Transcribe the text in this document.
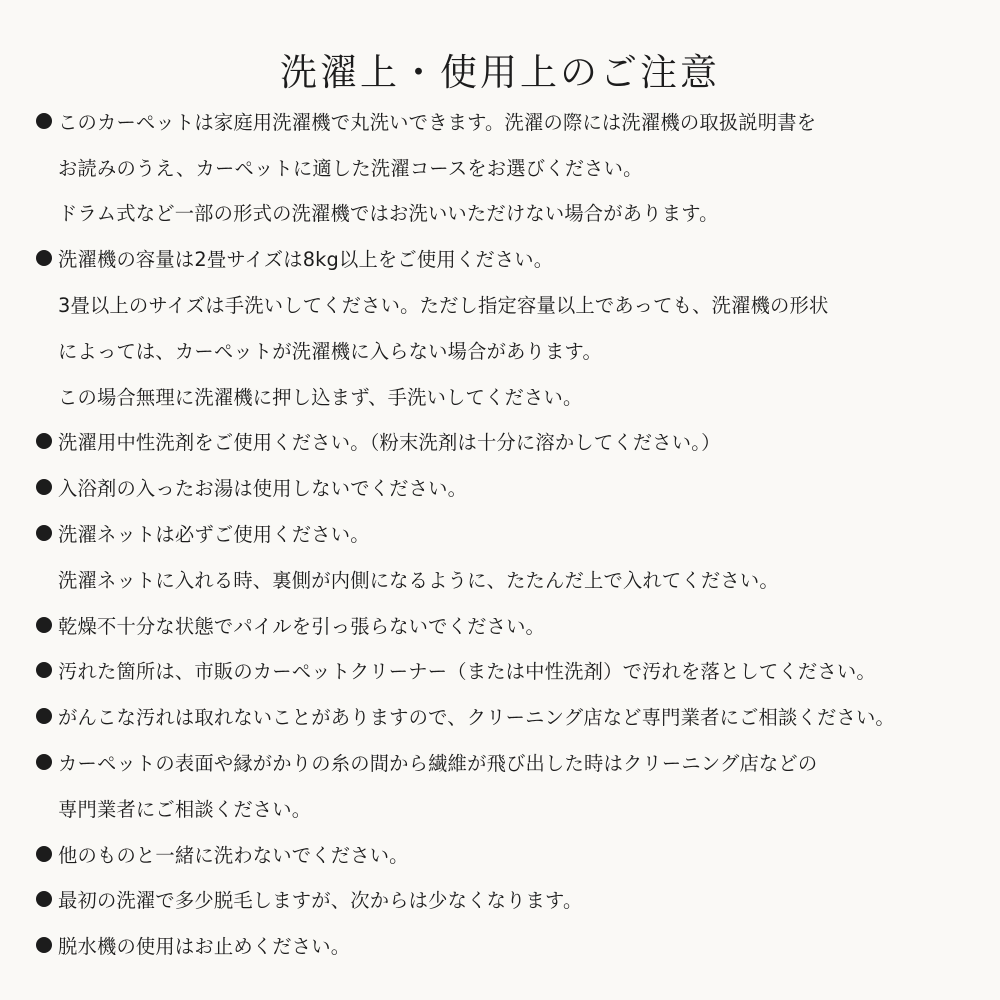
洗濯上・使用上のご注意
このカーペットは家庭用洗濯機で丸洗いできます。洗濯の際には洗濯機の取扱説明書を
お読みのうえ、カーペットに適した洗濯コースをお選びください。
ドラム式など一部の形式の洗濯機ではお洗いいただけない場合があります。
洗濯機の容量は2畳サイズは8kg以上をご使用ください。
3畳以上のサイズは手洗いしてください。ただし指定容量以上であっても、洗濯機の形状
によっては、カーペットが洗濯機に入らない場合があります。
この場合無理に洗濯機に押し込まず、手洗いしてください。
洗濯用中性洗剤をご使用ください。（粉末洗剤は十分に溶かしてください。）
入浴剤の入ったお湯は使用しないでください。
洗濯ネットは必ずご使用ください。
洗濯ネットに入れる時、裏側が内側になるように、たたんだ上で入れてください。
乾燥不十分な状態でパイルを引っ張らないでください。
汚れた箇所は、市販のカーペットクリーナー（または中性洗剤）で汚れを落としてください。
がんこな汚れは取れないことがありますので、クリーニング店など専門業者にご相談ください。
カーペットの表面や縁がかりの糸の間から繊維が飛び出した時はクリーニング店などの
専門業者にご相談ください。
他のものと一緒に洗わないでください。
最初の洗濯で多少脱毛しますが、次からは少なくなります。
脱水機の使用はお止めください。
